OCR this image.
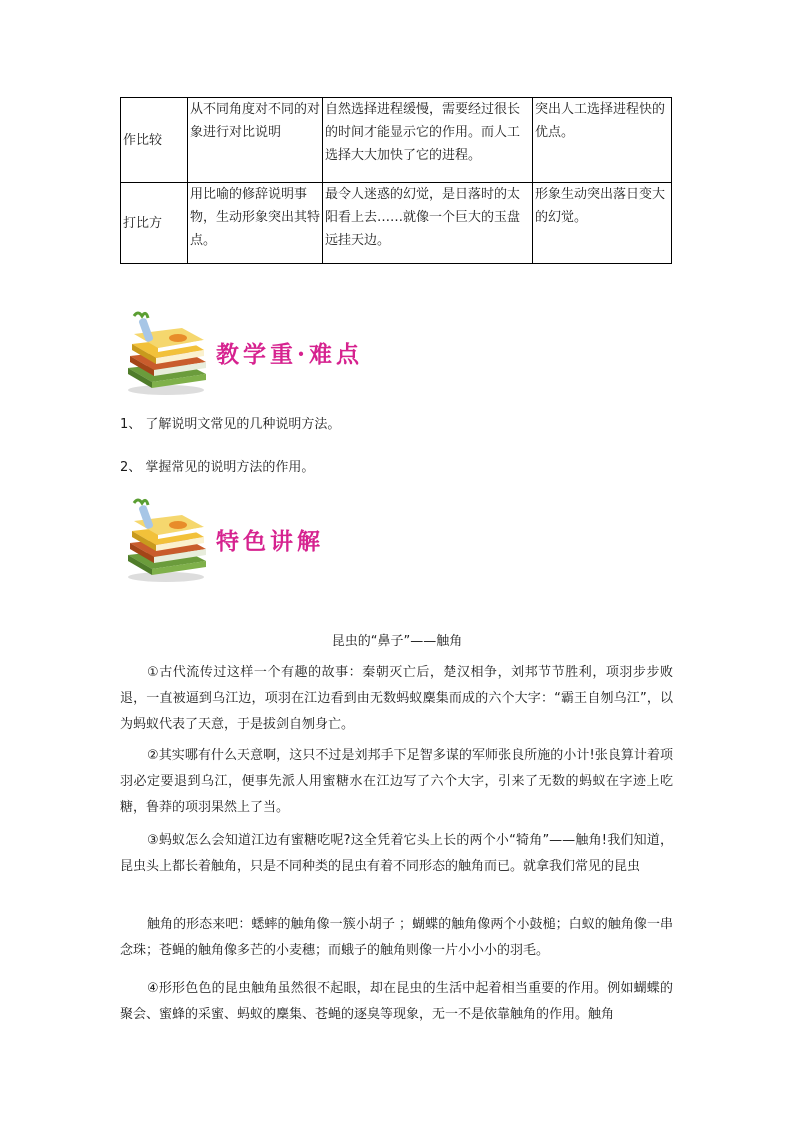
作比较	从不同角度对不同的对象进行对比说明	自然选择进程缓慢，需要经过很长的时间才能显示它的作用。而人工选择大大加快了它的进程。	突出人工选择进程快的优点。
打比方	用比喻的修辞说明事物，生动形象突出其特点。	最令人迷惑的幻觉，是日落时的太阳看上去……就像一个巨大的玉盘远挂天边。	形象生动突出落日变大的幻觉。
教学重·难点
1、 了解说明文常见的几种说明方法。
2、 掌握常见的说明方法的作用。
特色讲解
昆虫的“鼻子”——触角

①古代流传过这样一个有趣的故事：秦朝灭亡后，楚汉相争，刘邦节节胜利，项羽步步败退，一直被逼到乌江边，项羽在江边看到由无数蚂蚁麇集而成的六个大字：“霸王自刎乌江”，以为蚂蚁代表了天意，于是拔剑自刎身亡。

②其实哪有什么天意啊，这只不过是刘邦手下足智多谋的军师张良所施的小计!张良算计着项羽必定要退到乌江，便事先派人用蜜糖水在江边写了六个大字，引来了无数的蚂蚁在字迹上吃糖，鲁莽的项羽果然上了当。

③蚂蚁怎么会知道江边有蜜糖吃呢?这全凭着它头上长的两个小“犄角”——触角!我们知道，昆虫头上都长着触角，只是不同种类的昆虫有着不同形态的触角而已。就拿我们常见的昆虫

触角的形态来吧：蟋蟀的触角像一簇小胡子 ；蝴蝶的触角像两个小鼓槌；白蚁的触角像一串念珠；苍蝇的触角像多芒的小麦穗；而蛾子的触角则像一片小小小的羽毛。

④形形色色的昆虫触角虽然很不起眼，却在昆虫的生活中起着相当重要的作用。例如蝴蝶的聚会、蜜蜂的采蜜、蚂蚁的麇集、苍蝇的逐臭等现象，无一不是依靠触角的作用。触角
